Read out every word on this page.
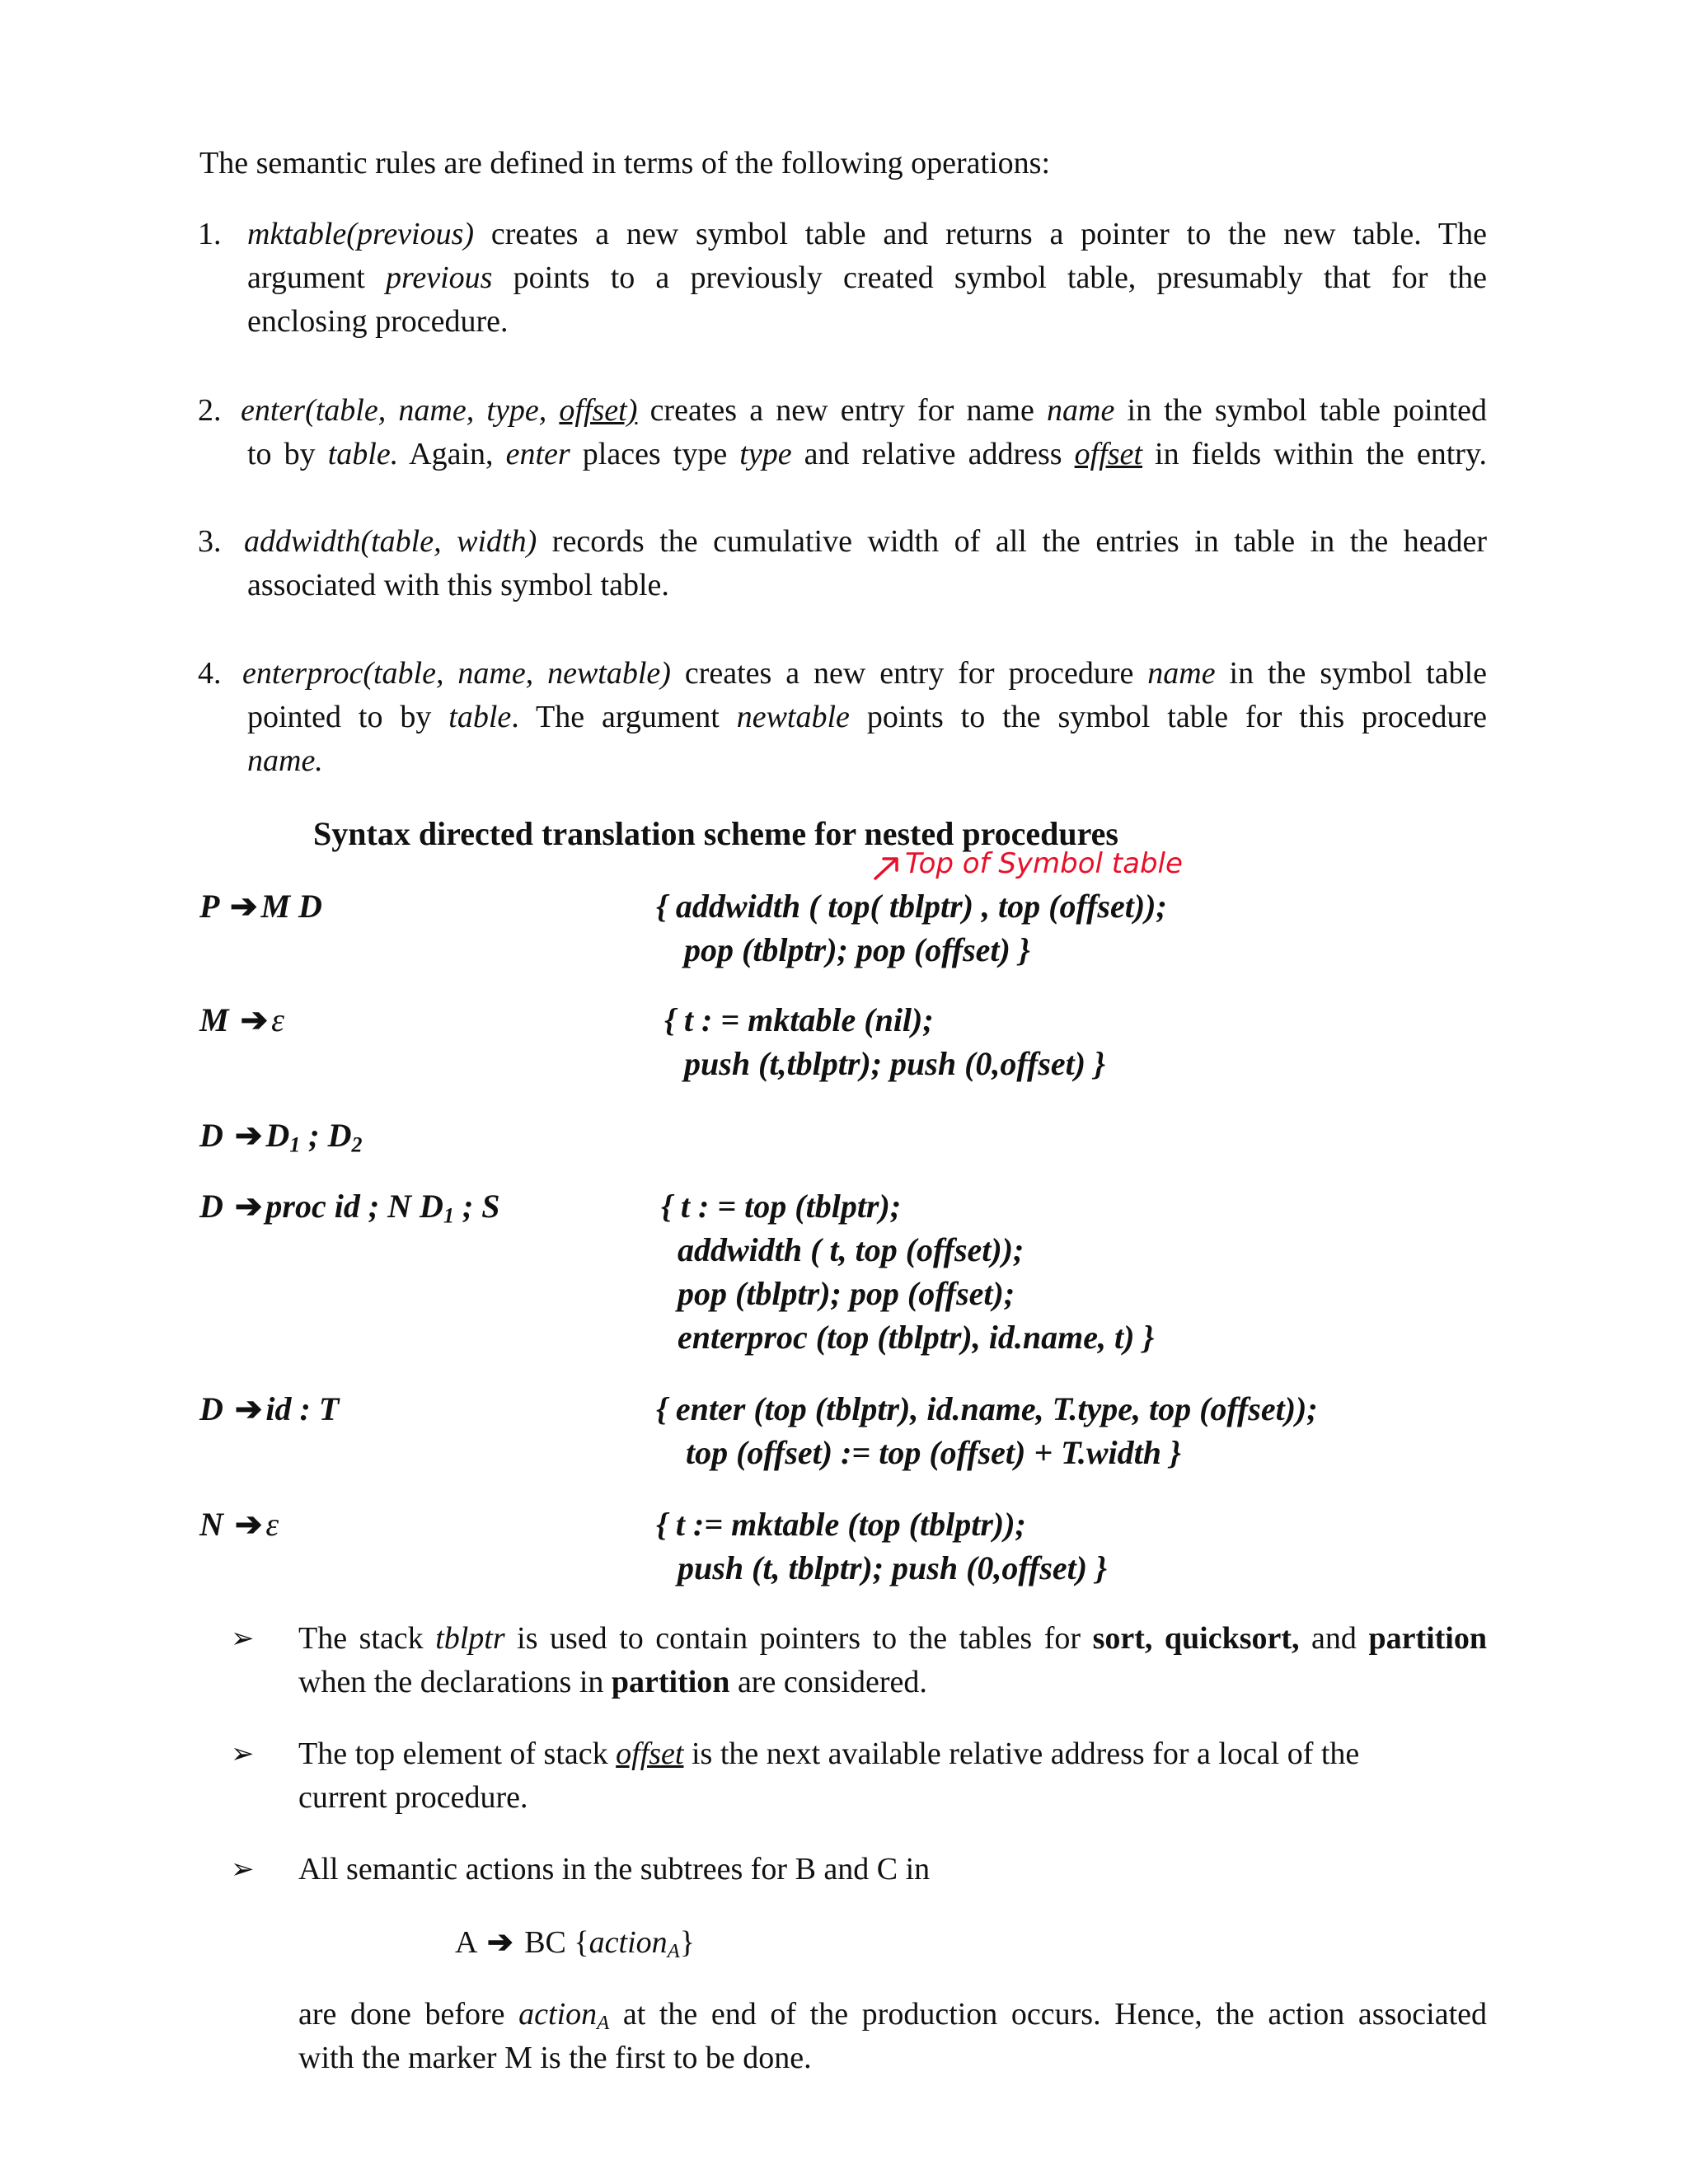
The semantic rules are defined in terms of the following operations:
1. mktable(previous) creates a new symbol table and returns a pointer to the new table. The
argument previous points to a previously created symbol table, presumably that for the
enclosing procedure.
2. enter(table, name, type, offset) creates a new entry for name name in the symbol table pointed
to by table. Again, enter places type type and relative address offset in fields within the entry.
3. addwidth(table, width) records the cumulative width of all the entries in table in the header
associated with this symbol table.
4. enterproc(table, name, newtable) creates a new entry for procedure name in the symbol table
pointed to by table. The argument newtable points to the symbol table for this procedure
name.
Syntax directed translation scheme for nested procedures
Top of Symbol table
P ➔ M D	{ addwidth ( top( tblptr) , top (offset));
pop (tblptr); pop (offset) }
M ➔ ε	{ t : = mktable (nil);
push (t,tblptr); push (0,offset) }
D ➔ $D_1$ ; $D_2$
D ➔ proc id ; N $D_1$ ; S	{ t : = top (tblptr);
addwidth ( t, top (offset));
pop (tblptr); pop (offset);
enterproc (top (tblptr), id.name, t) }
D ➔ id : T	{ enter (top (tblptr), id.name, T.type, top (offset));
top (offset) := top (offset) + T.width }
N ➔ ε	{ t := mktable (top (tblptr));
push (t, tblptr); push (0,offset) }
➢ The stack tblptr is used to contain pointers to the tables for sort, quicksort, and partition
when the declarations in partition are considered.
➢ The top element of stack offset is the next available relative address for a local of the
current procedure.
➢ All semantic actions in the subtrees for B and C in
A ➔ BC {action$_A$}
are done before action$_A$ at the end of the production occurs. Hence, the action associated
with the marker M is the first to be done.
